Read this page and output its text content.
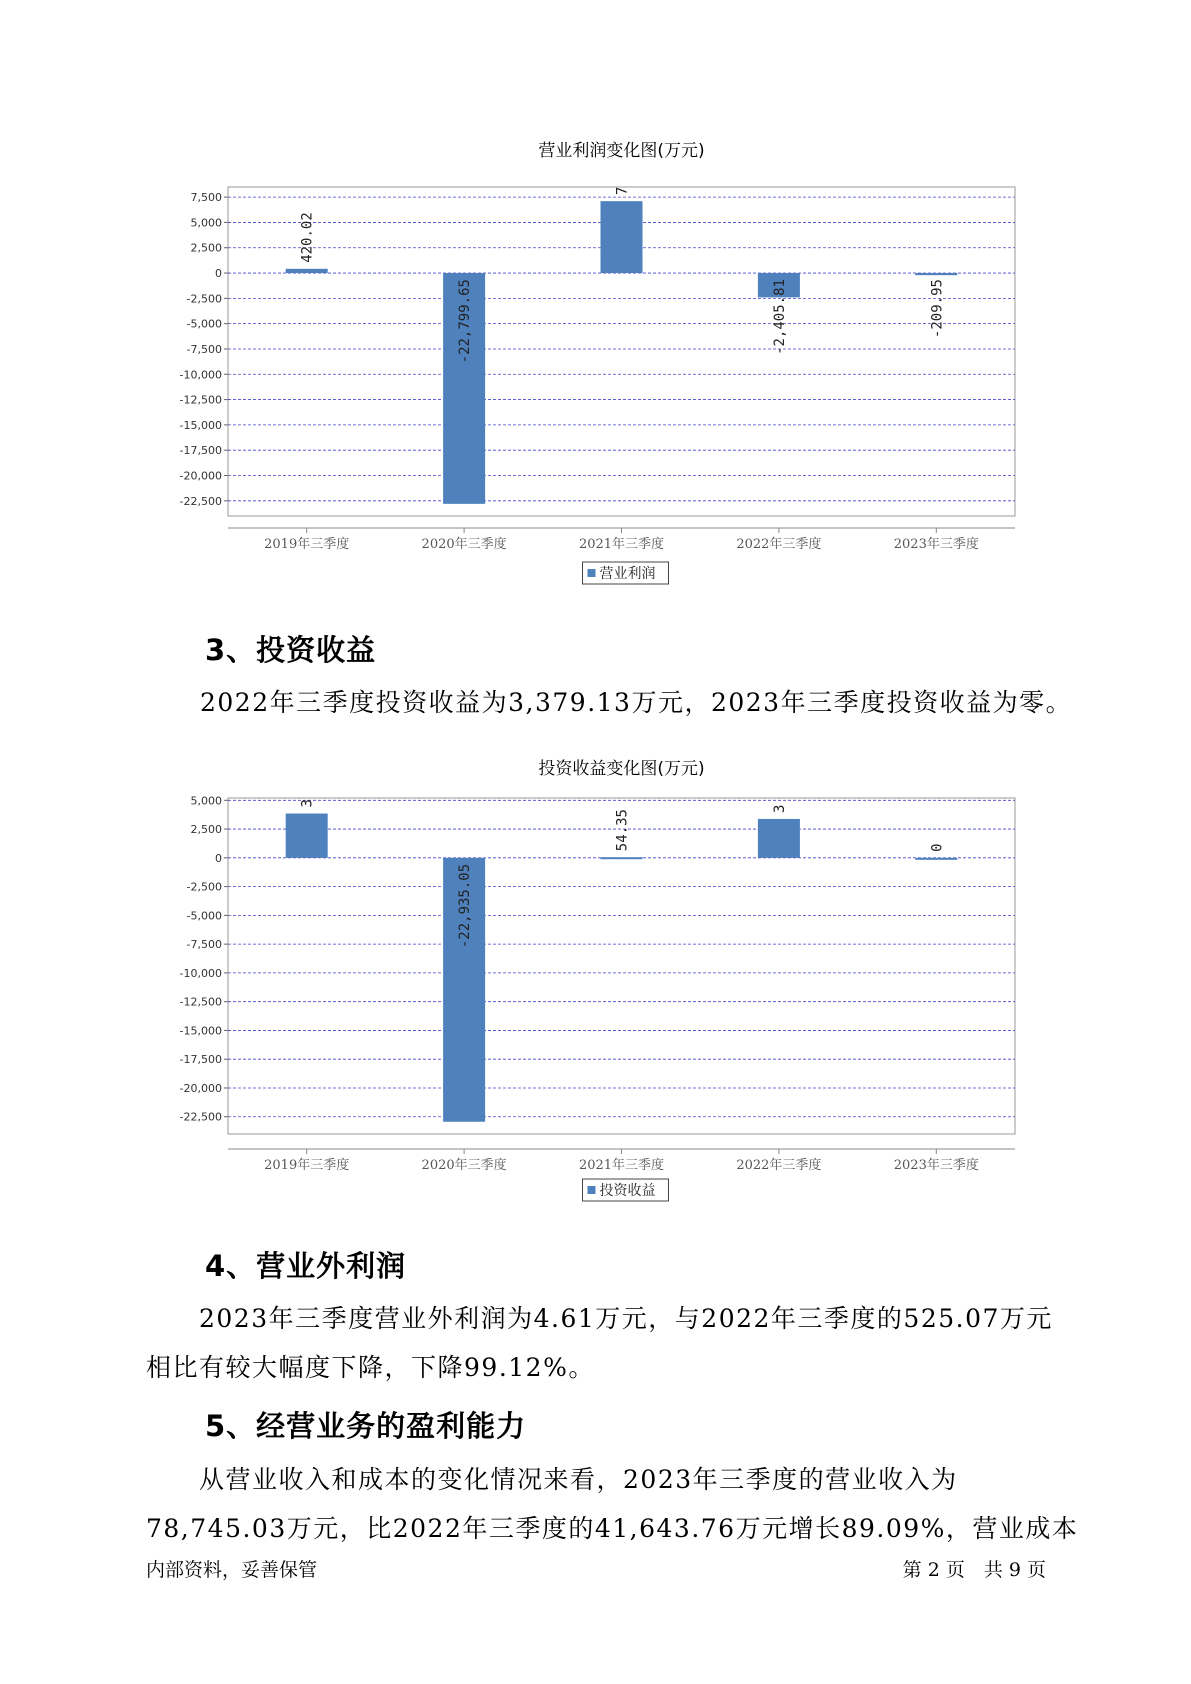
营业利润变化图(万元)
7,500
5,000
2,500
0
-2,500
-5,000
-7,500
-10,000
-12,500
-15,000
-17,500
-20,000
-22,500
2019年三季度
420.02
2020年三季度
-22,799.65
2021年三季度
7
2022年三季度
-2,405.81
2023年三季度
-209.95
营业利润
3、投资收益
2022年三季度投资收益为3,379.13万元，2023年三季度投资收益为零。
投资收益变化图(万元)
5,000
2,500
0
-2,500
-5,000
-7,500
-10,000
-12,500
-15,000
-17,500
-20,000
-22,500
2019年三季度
3
2020年三季度
-22,935.05
2021年三季度
54.35
2022年三季度
3
2023年三季度
0
投资收益
4、营业外利润
　　2023年三季度营业外利润为4.61万元，与2022年三季度的525.07万元
相比有较大幅度下降，下降99.12%。
5、经营业务的盈利能力
　　从营业收入和成本的变化情况来看，2023年三季度的营业收入为
78,745.03万元，比2022年三季度的41,643.76万元增长89.09%，营业成本
内部资料，妥善保管	第 2 页　共 9 页
